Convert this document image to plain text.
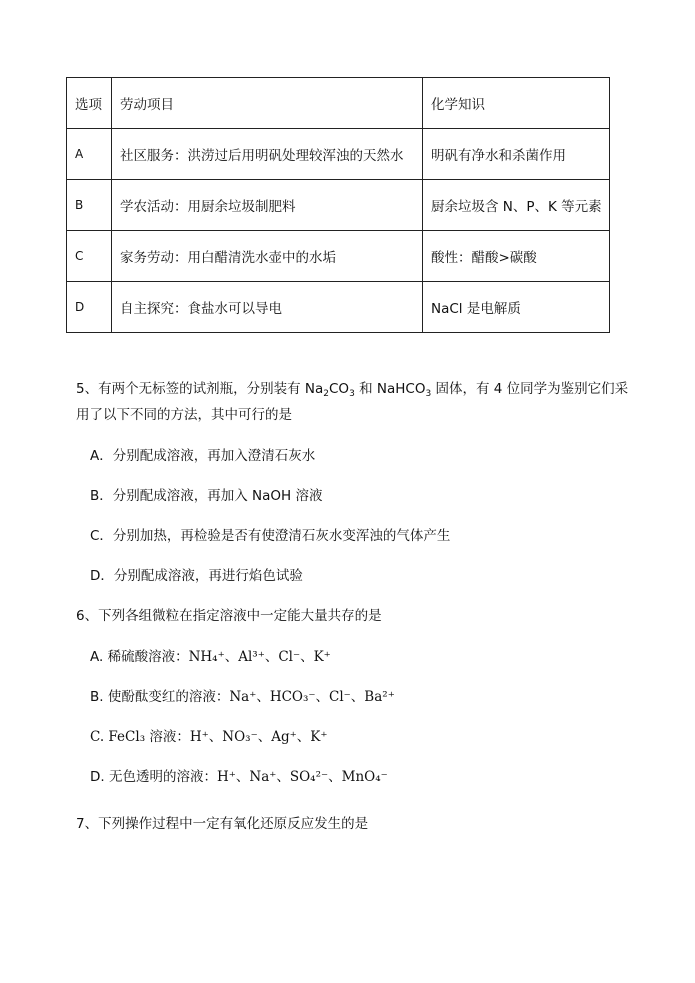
选项	劳动项目	化学知识
A	社区服务：洪涝过后用明矾处理较浑浊的天然水	明矾有净水和杀菌作用
B	学农活动：用厨余垃圾制肥料	厨余垃圾含 N、P、K 等元素
C	家务劳动：用白醋清洗水壶中的水垢	酸性：醋酸>碳酸
D	自主探究：食盐水可以导电	NaCl 是电解质
5、有两个无标签的试剂瓶，分别装有 $Na_2CO_3$ 和 NaHCO$_3$ 固体，有 4 位同学为鉴别它们采
用了以下不同的方法，其中可行的是
A．分别配成溶液，再加入澄清石灰水
B．分别配成溶液，再加入 NaOH 溶液
C．分别加热，再检验是否有使澄清石灰水变浑浊的气体产生
D．分别配成溶液，再进行焰色试验
6、下列各组微粒在指定溶液中一定能大量共存的是
A. 稀硫酸溶液：NH₄⁺、Al³⁺、Cl⁻、K⁺
B. 使酚酞变红的溶液：Na⁺、HCO₃⁻、Cl⁻、Ba²⁺
C. FeCl₃ 溶液：H⁺、NO₃⁻、Ag⁺、K⁺
D. 无色透明的溶液：H⁺、Na⁺、SO₄²⁻、MnO₄⁻
7、下列操作过程中一定有氧化还原反应发生的是
